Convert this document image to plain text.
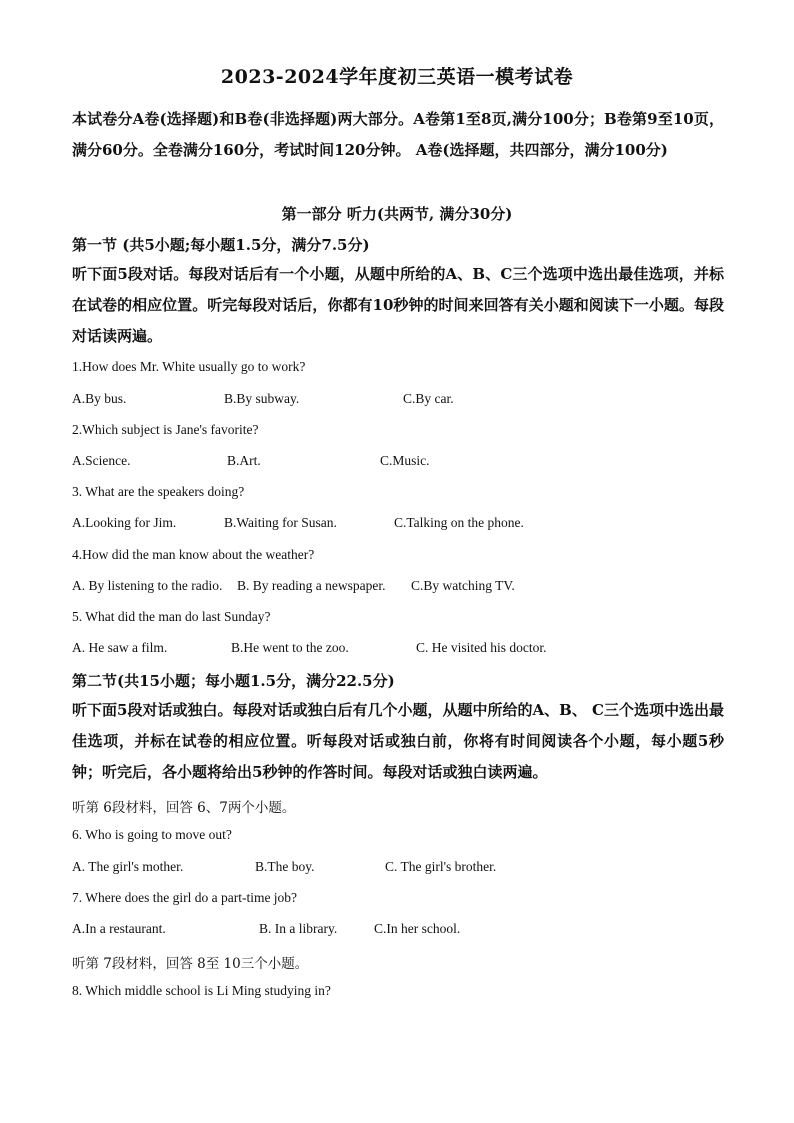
2023-2024学年度初三英语一模考试卷
本试卷分A卷(选择题)和B卷(非选择题)两大部分。A卷第1至8页,满分100分；B卷第9至10页，满分60分。全卷满分160分，考试时间120分钟。 A卷(选择题，共四部分，满分100分)
第一部分 听力(共两节, 满分30分)
第一节 (共5小题;每小题1.5分，满分7.5分)
听下面5段对话。每段对话后有一个小题，从题中所给的A、B、C三个选项中选出最佳选项，并标在试卷的相应位置。听完每段对话后，你都有10秒钟的时间来回答有关小题和阅读下一小题。每段对话读两遍。
1.How does Mr. White usually go to work?
A.By bus.	B.By subway.	C.By car.
2.Which subject is Jane's favorite?
A.Science.	B.Art.	C.Music.
3. What are the speakers doing?
A.Looking for Jim.	B.Waiting for Susan.	C.Talking on the phone.
4.How did the man know about the weather?
A. By listening to the radio. B. By reading a newspaper. C.By watching TV.
5. What did the man do last Sunday?
A. He saw a film.	B.He went to the zoo.	C. He visited his doctor.
第二节(共15小题；每小题1.5分，满分22.5分)
听下面5段对话或独白。每段对话或独白后有几个小题，从题中所给的A、B、 C三个选项中选出最佳选项，并标在试卷的相应位置。听每段对话或独白前，你将有时间阅读各个小题，每小题5秒钟；听完后，各小题将给出5秒钟的作答时间。每段对话或独白读两遍。
听第 6段材料，回答 6、7两个小题。
6. Who is going to move out?
A. The girl's mother.	B.The boy.	C. The girl's brother.
7. Where does the girl do a part-time job?
A.In a restaurant.	B. In a library.	C.In her school.
听第 7段材料，回答 8至 10三个小题。
8. Which middle school is Li Ming studying in?
